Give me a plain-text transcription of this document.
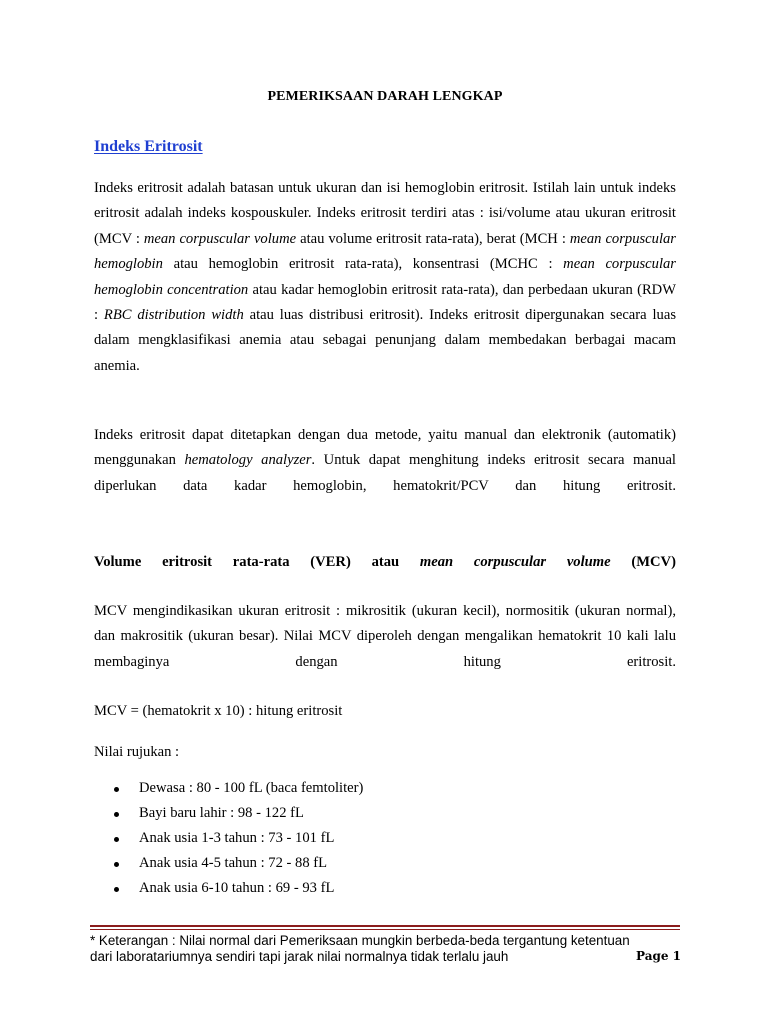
PEMERIKSAAN DARAH LENGKAP
Indeks Eritrosit

Indeks eritrosit adalah batasan untuk ukuran dan isi hemoglobin eritrosit. Istilah lain untuk indeks eritrosit adalah indeks kospouskuler. Indeks eritrosit terdiri atas : isi/volume atau ukuran eritrosit (MCV : mean corpuscular volume atau volume eritrosit rata-rata), berat (MCH : mean corpuscular hemoglobin atau hemoglobin eritrosit rata-rata), konsentrasi (MCHC : mean corpuscular hemoglobin concentration atau kadar hemoglobin eritrosit rata-rata), dan perbedaan ukuran (RDW : RBC distribution width atau luas distribusi eritrosit). Indeks eritrosit dipergunakan secara luas dalam mengklasifikasi anemia atau sebagai penunjang dalam membedakan berbagai macam anemia.

Indeks eritrosit dapat ditetapkan dengan dua metode, yaitu manual dan elektronik (automatik) menggunakan hematology analyzer. Untuk dapat menghitung indeks eritrosit secara manual diperlukan data kadar hemoglobin, hematokrit/PCV dan hitung eritrosit.

Volume eritrosit rata-rata (VER) atau mean corpuscular volume (MCV)

MCV mengindikasikan ukuran eritrosit : mikrositik (ukuran kecil), normositik (ukuran normal), dan makrositik (ukuran besar). Nilai MCV diperoleh dengan mengalikan hematokrit 10 kali lalu membaginya dengan hitung eritrosit.

MCV = (hematokrit x 10) : hitung eritrosit
Nilai rujukan :
Dewasa : 80 - 100 fL (baca femtoliter)
Bayi baru lahir : 98 - 122 fL
Anak usia 1-3 tahun : 73 - 101 fL
Anak usia 4-5 tahun : 72 - 88 fL
Anak usia 6-10 tahun : 69 - 93 fL
* Keterangan : Nilai normal dari Pemeriksaan mungkin berbeda-beda tergantung ketentuan
dari laboratariumnya sendiri tapi jarak nilai normalnya tidak terlalu jauh	Page 1
